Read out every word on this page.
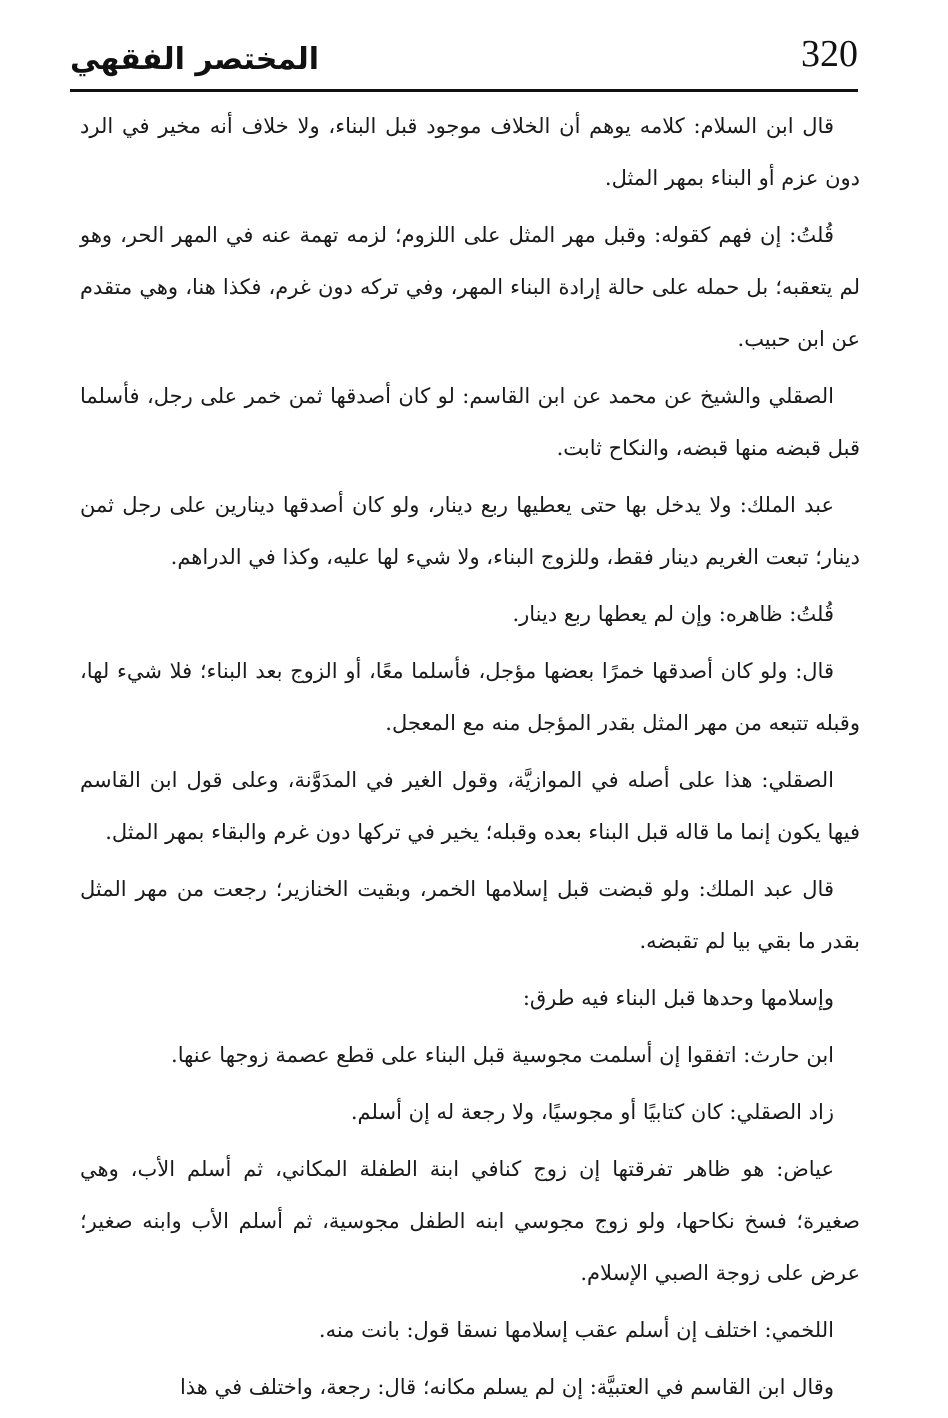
المختصر الفقهي	320

قال ابن السلام: كلامه يوهم أن الخلاف موجود قبل البناء، ولا خلاف أنه مخير في الرد دون عزم أو البناء بمهر المثل.

قُلتُ: إن فهم كقوله: وقبل مهر المثل على اللزوم؛ لزمه تهمة عنه في المهر الحر، وهو لم يتعقبه؛ بل حمله على حالة إرادة البناء المهر، وفي تركه دون غرم، فكذا هنا، وهي متقدم عن ابن حبيب.

الصقلي والشيخ عن محمد عن ابن القاسم: لو كان أصدقها ثمن خمر على رجل، فأسلما قبل قبضه منها قبضه، والنكاح ثابت.

عبد الملك: ولا يدخل بها حتى يعطيها ربع دينار، ولو كان أصدقها دينارين على رجل ثمن دينار؛ تبعت الغريم دينار فقط، وللزوج البناء، ولا شيء لها عليه، وكذا في الدراهم.

قُلتُ: ظاهره: وإن لم يعطها ربع دينار.

قال: ولو كان أصدقها خمرًا بعضها مؤجل، فأسلما معًا، أو الزوج بعد البناء؛ فلا شيء لها، وقبله تتبعه من مهر المثل بقدر المؤجل منه مع المعجل.

الصقلي: هذا على أصله في الموازيَّة، وقول الغير في المدَوَّنة، وعلى قول ابن القاسم فيها يكون إنما ما قاله قبل البناء بعده وقبله؛ يخير في تركها دون غرم والبقاء بمهر المثل.

قال عبد الملك: ولو قبضت قبل إسلامها الخمر، وبقيت الخنازير؛ رجعت من مهر المثل بقدر ما بقي بيا لم تقبضه.

وإسلامها وحدها قبل البناء فيه طرق:

ابن حارث: اتفقوا إن أسلمت مجوسية قبل البناء على قطع عصمة زوجها عنها.

زاد الصقلي: كان كتابيًا أو مجوسيًا، ولا رجعة له إن أسلم.

عياض: هو ظاهر تفرقتها إن زوج كنافي ابنة الطفلة المكاني، ثم أسلم الأب، وهي صغيرة؛ فسخ نكاحها، ولو زوج مجوسي ابنه الطفل مجوسية، ثم أسلم الأب وابنه صغير؛ عرض على زوجة الصبي الإسلام.

اللخمي: اختلف إن أسلم عقب إسلامها نسقا قول: بانت منه.

وقال ابن القاسم في العتبيَّة: إن لم يسلم مكانه؛ قال: رجعة، واختلف في هذا
